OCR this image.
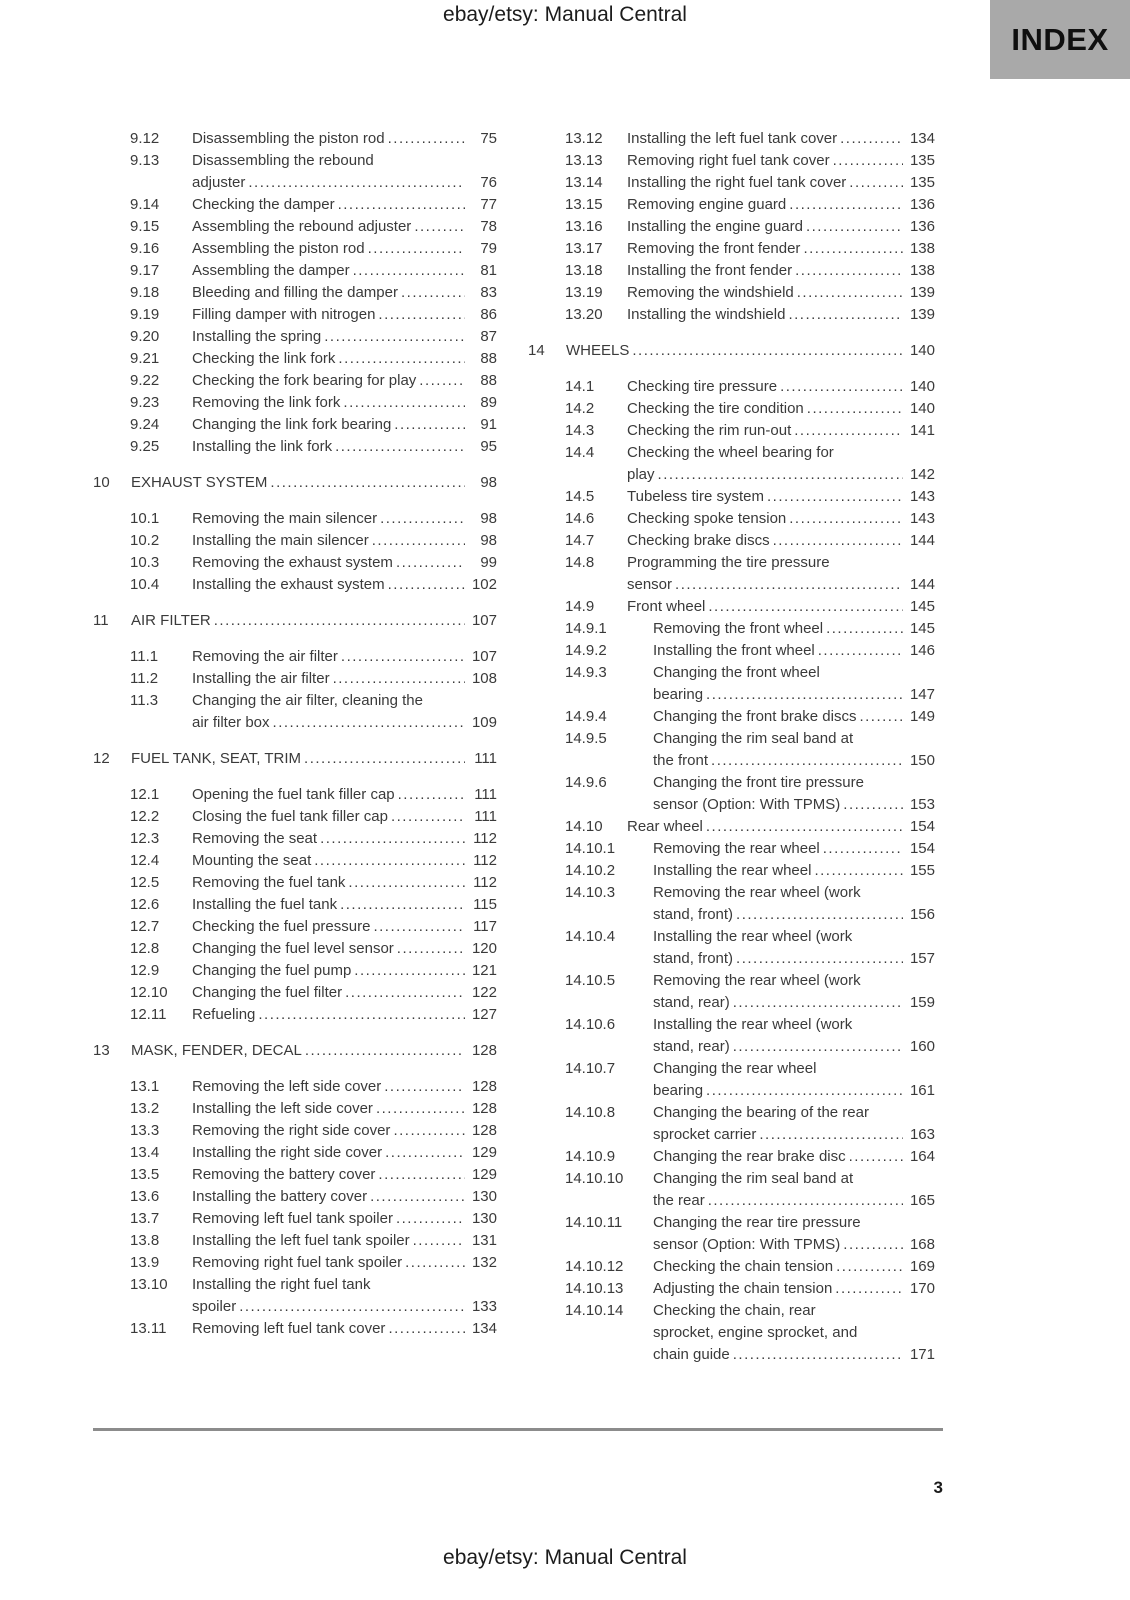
ebay/etsy: Manual Central
INDEX
9.12	Disassembling the piston rod .....	75
9.13	Disassembling the rebound
adjuster .....	76
9.14	Checking the damper .....	77
9.15	Assembling the rebound adjuster .....	78
9.16	Assembling the piston rod .....	79
9.17	Assembling the damper .....	81
9.18	Bleeding and filling the damper .....	83
9.19	Filling damper with nitrogen .....	86
9.20	Installing the spring .....	87
9.21	Checking the link fork .....	88
9.22	Checking the fork bearing for play .....	88
9.23	Removing the link fork .....	89
9.24	Changing the link fork bearing .....	91
9.25	Installing the link fork .....	95
10	EXHAUST SYSTEM .....	98
10.1	Removing the main silencer .....	98
10.2	Installing the main silencer .....	98
10.3	Removing the exhaust system .....	99
10.4	Installing the exhaust system .....	102
11	AIR FILTER .....	107
11.1	Removing the air filter .....	107
11.2	Installing the air filter .....	108
11.3	Changing the air filter, cleaning the
air filter box .....	109
12	FUEL TANK, SEAT, TRIM .....	111
12.1	Opening the fuel tank filler cap .....	111
12.2	Closing the fuel tank filler cap .....	111
12.3	Removing the seat .....	112
12.4	Mounting the seat .....	112
12.5	Removing the fuel tank .....	112
12.6	Installing the fuel tank .....	115
12.7	Checking the fuel pressure .....	117
12.8	Changing the fuel level sensor .....	120
12.9	Changing the fuel pump .....	121
12.10	Changing the fuel filter .....	122
12.11	Refueling .....	127
13	MASK, FENDER, DECAL .....	128
13.1	Removing the left side cover .....	128
13.2	Installing the left side cover .....	128
13.3	Removing the right side cover .....	128
13.4	Installing the right side cover .....	129
13.5	Removing the battery cover .....	129
13.6	Installing the battery cover .....	130
13.7	Removing left fuel tank spoiler .....	130
13.8	Installing the left fuel tank spoiler .....	131
13.9	Removing right fuel tank spoiler .....	132
13.10	Installing the right fuel tank
spoiler .....	133
13.11	Removing left fuel tank cover .....	134
13.12	Installing the left fuel tank cover .....	134
13.13	Removing right fuel tank cover .....	135
13.14	Installing the right fuel tank cover .....	135
13.15	Removing engine guard .....	136
13.16	Installing the engine guard .....	136
13.17	Removing the front fender .....	138
13.18	Installing the front fender .....	138
13.19	Removing the windshield .....	139
13.20	Installing the windshield .....	139
14	WHEELS .....	140
14.1	Checking tire pressure .....	140
14.2	Checking the tire condition .....	140
14.3	Checking the rim run-out .....	141
14.4	Checking the wheel bearing for
play .....	142
14.5	Tubeless tire system .....	143
14.6	Checking spoke tension .....	143
14.7	Checking brake discs .....	144
14.8	Programming the tire pressure
sensor .....	144
14.9	Front wheel .....	145
14.9.1	Removing the front wheel .....	145
14.9.2	Installing the front wheel .....	146
14.9.3	Changing the front wheel
bearing .....	147
14.9.4	Changing the front brake discs .....	149
14.9.5	Changing the rim seal band at
the front .....	150
14.9.6	Changing the front tire pressure
sensor (Option: With TPMS) .....	153
14.10	Rear wheel .....	154
14.10.1	Removing the rear wheel .....	154
14.10.2	Installing the rear wheel .....	155
14.10.3	Removing the rear wheel (work
stand, front) .....	156
14.10.4	Installing the rear wheel (work
stand, front) .....	157
14.10.5	Removing the rear wheel (work
stand, rear) .....	159
14.10.6	Installing the rear wheel (work
stand, rear) .....	160
14.10.7	Changing the rear wheel
bearing .....	161
14.10.8	Changing the bearing of the rear
sprocket carrier .....	163
14.10.9	Changing the rear brake disc .....	164
14.10.10	Changing the rim seal band at
the rear .....	165
14.10.11	Changing the rear tire pressure
sensor (Option: With TPMS) .....	168
14.10.12	Checking the chain tension .....	169
14.10.13	Adjusting the chain tension .....	170
14.10.14	Checking the chain, rear
sprocket, engine sprocket, and
chain guide .....	171
3
ebay/etsy: Manual Central
